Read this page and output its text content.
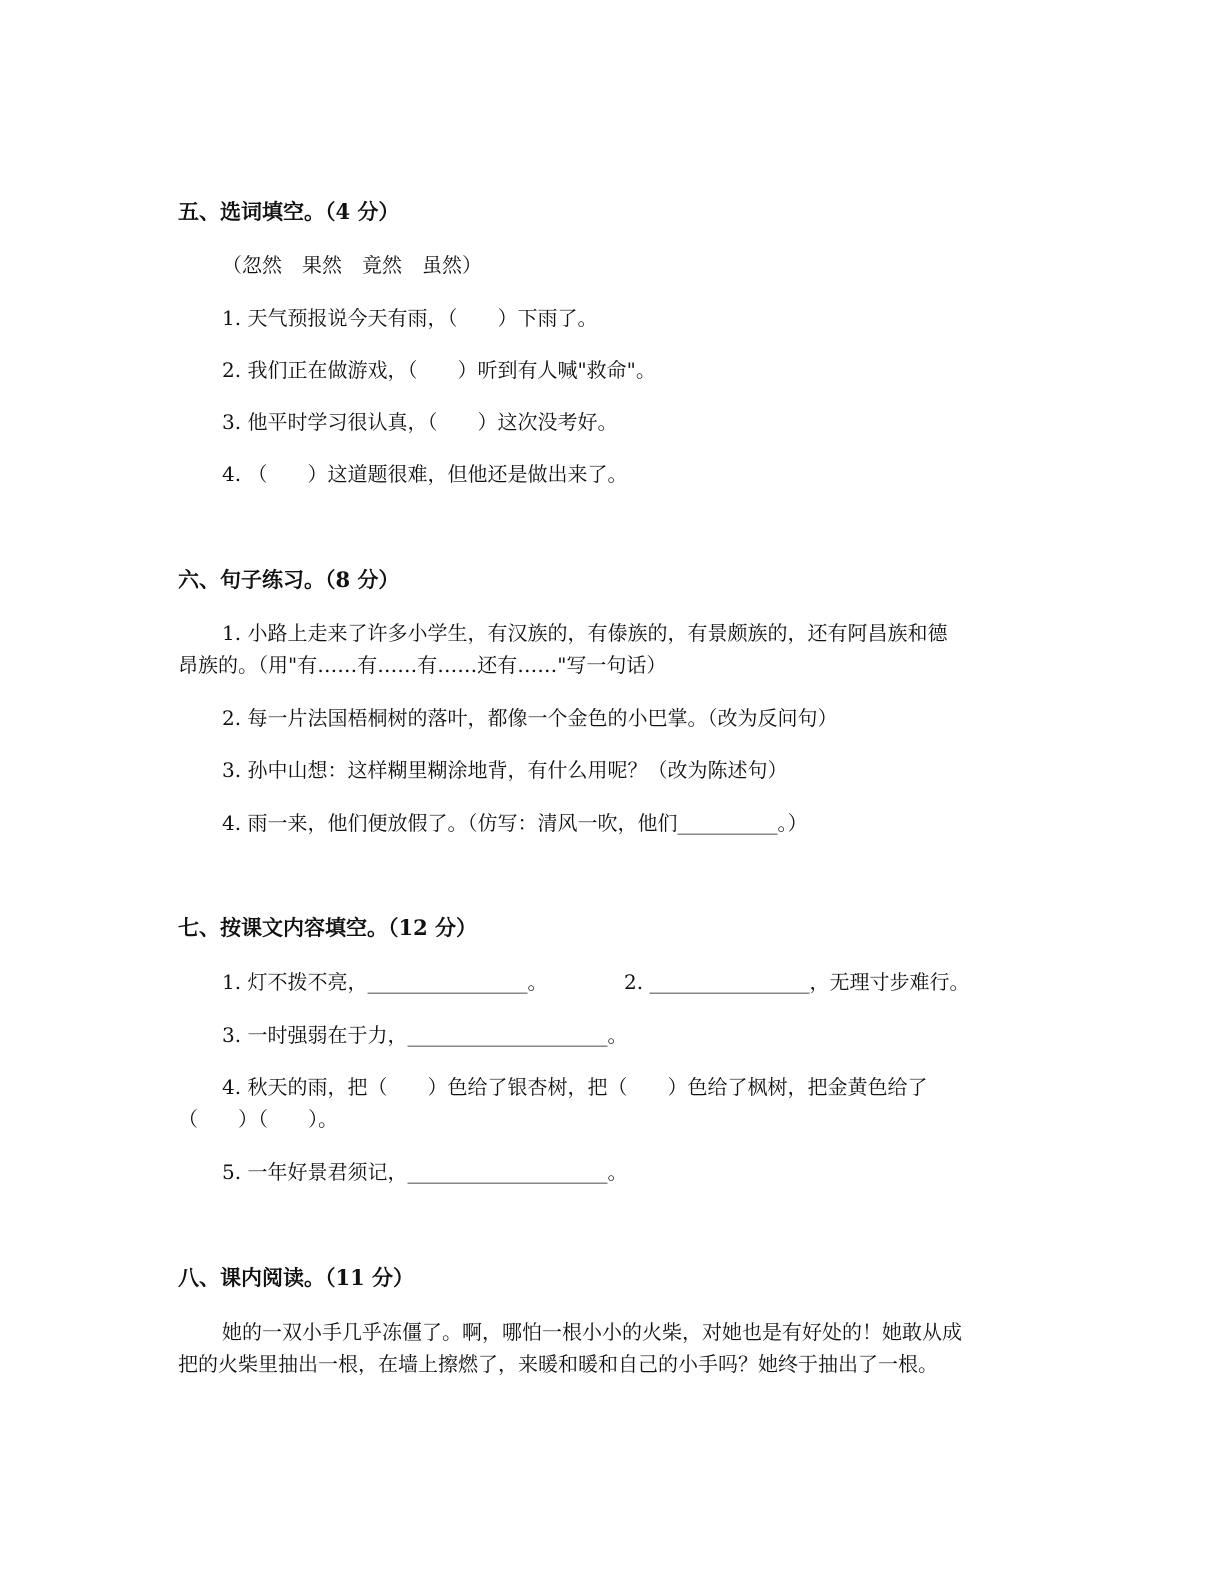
五、选词填空。（4 分）
（忽然　果然　竟然　虽然）
1. 天气预报说今天有雨，（　　）下雨了。
2. 我们正在做游戏，（　　）听到有人喊"救命"。
3. 他平时学习很认真，（　　）这次没考好。
4. （　　）这道题很难，但他还是做出来了。
六、句子练习。（8 分）
1. 小路上走来了许多小学生，有汉族的，有傣族的，有景颇族的，还有阿昌族和德
昂族的。（用"有……有……有……还有……"写一句话）
2. 每一片法国梧桐树的落叶，都像一个金色的小巴掌。（改为反问句）
3. 孙中山想：这样糊里糊涂地背，有什么用呢？（改为陈述句）
4. 雨一来，他们便放假了。（仿写：清风一吹，他们__________。）
七、按课文内容填空。（12 分）
1. 灯不拨不亮，________________。	2. ________________，无理寸步难行。
3. 一时强弱在于力，____________________。
4. 秋天的雨，把（　　）色给了银杏树，把（　　）色给了枫树，把金黄色给了
（　　）（　　）。
5. 一年好景君须记，____________________。
八、课内阅读。（11 分）
她的一双小手几乎冻僵了。啊，哪怕一根小小的火柴，对她也是有好处的！她敢从成
把的火柴里抽出一根，在墙上擦燃了，来暖和暖和自己的小手吗？她终于抽出了一根。
